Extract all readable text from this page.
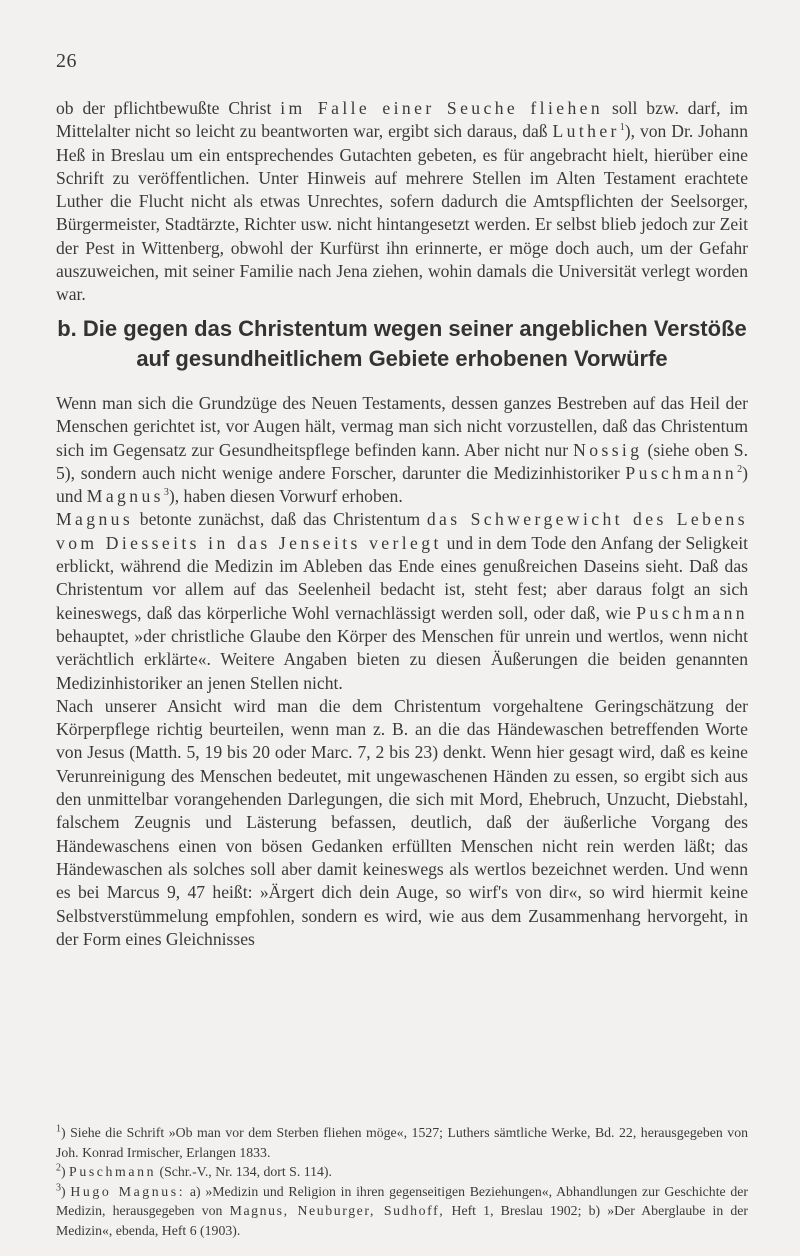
26

ob der pflichtbewußte Christ im Falle einer Seuche fliehen soll bzw. darf, im Mittelalter nicht so leicht zu beantworten war, ergibt sich daraus, daß Luther$^1$), von Dr. Johann Heß in Breslau um ein entsprechendes Gutachten gebeten, es für angebracht hielt, hierüber eine Schrift zu veröffentlichen. Unter Hinweis auf mehrere Stellen im Alten Testament erachtete Luther die Flucht nicht als etwas Unrechtes, sofern dadurch die Amtspflichten der Seelsorger, Bürgermeister, Stadtärzte, Richter usw. nicht hintangesetzt werden. Er selbst blieb jedoch zur Zeit der Pest in Wittenberg, obwohl der Kurfürst ihn erinnerte, er möge doch auch, um der Gefahr auszuweichen, mit seiner Familie nach Jena ziehen, wohin damals die Universität verlegt worden war.

b. Die gegen das Christentum wegen seiner angeblichen Verstöße
auf gesundheitlichem Gebiete erhobenen Vorwürfe

Wenn man sich die Grundzüge des Neuen Testaments, dessen ganzes Bestreben auf das Heil der Menschen gerichtet ist, vor Augen hält, vermag man sich nicht vorzustellen, daß das Christentum sich im Gegensatz zur Gesundheitspflege befinden kann. Aber nicht nur Nossig (siehe oben S. 5), sondern auch nicht wenige andere Forscher, darunter die Medizinhistoriker Puschmann$^2$) und Magnus$^3$), haben diesen Vorwurf erhoben.

Magnus betonte zunächst, daß das Christentum das Schwergewicht des Lebens vom Diesseits in das Jenseits verlegt und in dem Tode den Anfang der Seligkeit erblickt, während die Medizin im Ableben das Ende eines genußreichen Daseins sieht. Daß das Christentum vor allem auf das Seelenheil bedacht ist, steht fest; aber daraus folgt an sich keineswegs, daß das körperliche Wohl vernachlässigt werden soll, oder daß, wie Puschmann behauptet, »der christliche Glaube den Körper des Menschen für unrein und wertlos, wenn nicht verächtlich erklärte«. Weitere Angaben bieten zu diesen Äußerungen die beiden genannten Medizinhistoriker an jenen Stellen nicht.

Nach unserer Ansicht wird man die dem Christentum vorgehaltene Geringschätzung der Körperpflege richtig beurteilen, wenn man z. B. an die das Händewaschen betreffenden Worte von Jesus (Matth. 5, 19 bis 20 oder Marc. 7, 2 bis 23) denkt. Wenn hier gesagt wird, daß es keine Verunreinigung des Menschen bedeutet, mit ungewaschenen Händen zu essen, so ergibt sich aus den unmittelbar vorangehenden Darlegungen, die sich mit Mord, Ehebruch, Unzucht, Diebstahl, falschem Zeugnis und Lästerung befassen, deutlich, daß der äußerliche Vorgang des Händewaschens einen von bösen Gedanken erfüllten Menschen nicht rein werden läßt; das Händewaschen als solches soll aber damit keineswegs als wertlos bezeichnet werden. Und wenn es bei Marcus 9, 47 heißt: »Ärgert dich dein Auge, so wirf's von dir«, so wird hiermit keine Selbstverstümmelung empfohlen, sondern es wird, wie aus dem Zusammenhang hervorgeht, in der Form eines Gleichnisses

$^1$) Siehe die Schrift »Ob man vor dem Sterben fliehen möge«, 1527; Luthers sämtliche Werke, Bd. 22, herausgegeben von Joh. Konrad Irmischer, Erlangen 1833.
$^2$) Puschmann (Schr.-V., Nr. 134, dort S. 114).
$^3$) Hugo Magnus: a) »Medizin und Religion in ihren gegenseitigen Beziehungen«, Abhandlungen zur Geschichte der Medizin, herausgegeben von Magnus, Neuburger, Sudhoff, Heft 1, Breslau 1902; b) »Der Aberglaube in der Medizin«, ebenda, Heft 6 (1903).
